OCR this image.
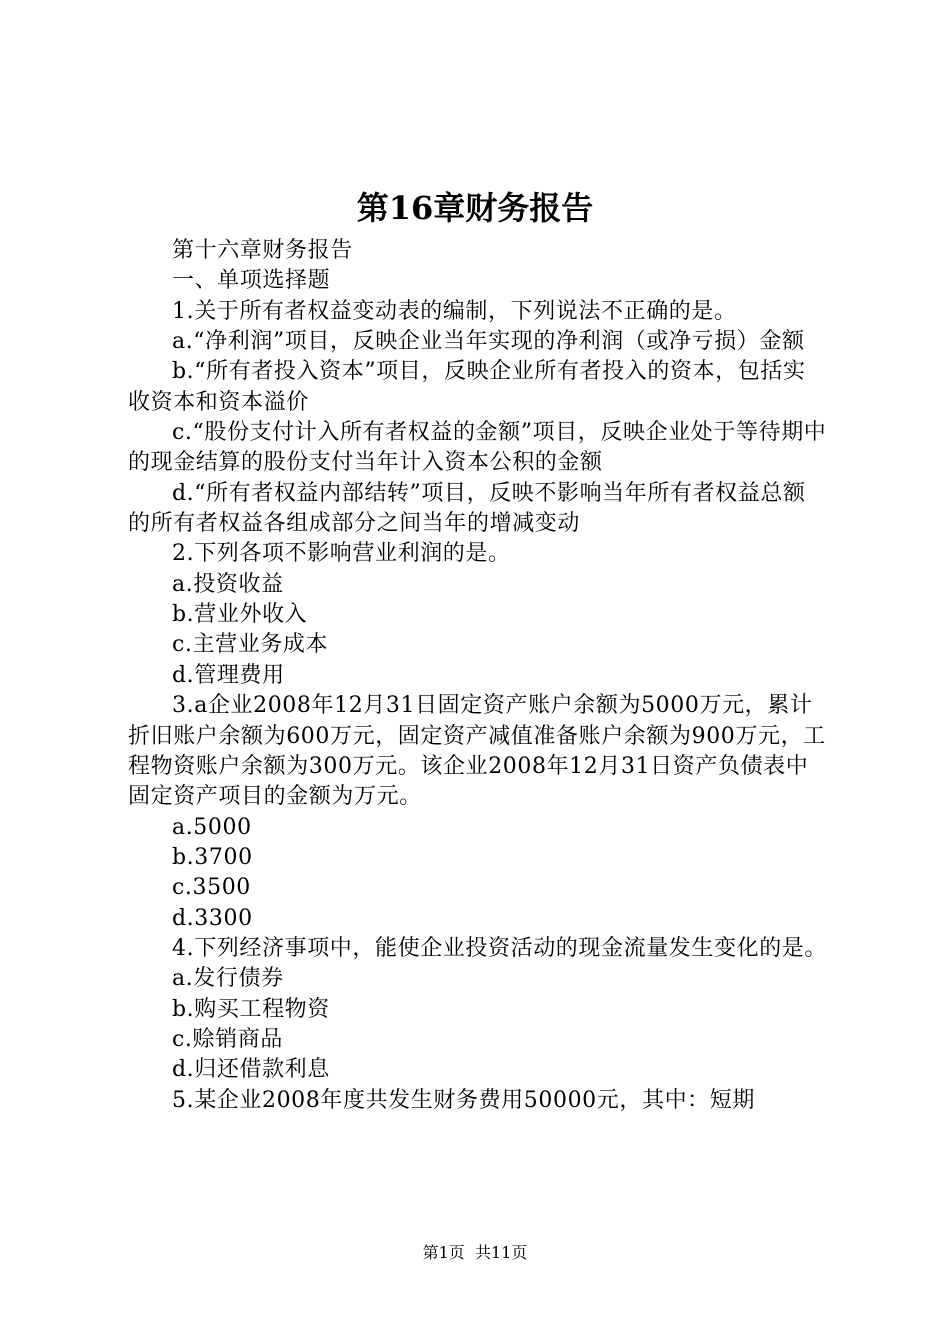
第16章财务报告

第十六章财务报告

一、单项选择题

1.关于所有者权益变动表的编制，下列说法不正确的是。

a.“净利润”项目，反映企业当年实现的净利润（或净亏损）金额

b.“所有者投入资本”项目，反映企业所有者投入的资本，包括实收资本和资本溢价

c.“股份支付计入所有者权益的金额”项目，反映企业处于等待期中的现金结算的股份支付当年计入资本公积的金额

d.“所有者权益内部结转”项目，反映不影响当年所有者权益总额的所有者权益各组成部分之间当年的增减变动

2.下列各项不影响营业利润的是。

a.投资收益

b.营业外收入

c.主营业务成本

d.管理费用

3.a企业2008年12月31日固定资产账户余额为5000万元，累计折旧账户余额为600万元，固定资产减值准备账户余额为900万元，工程物资账户余额为300万元。该企业2008年12月31日资产负债表中固定资产项目的金额为万元。

a.5000

b.3700

c.3500

d.3300

4.下列经济事项中，能使企业投资活动的现金流量发生变化的是。

a.发行债券

b.购买工程物资

c.赊销商品

d.归还借款利息

5.某企业2008年度共发生财务费用50000元，其中：短期

第1页 共11页
